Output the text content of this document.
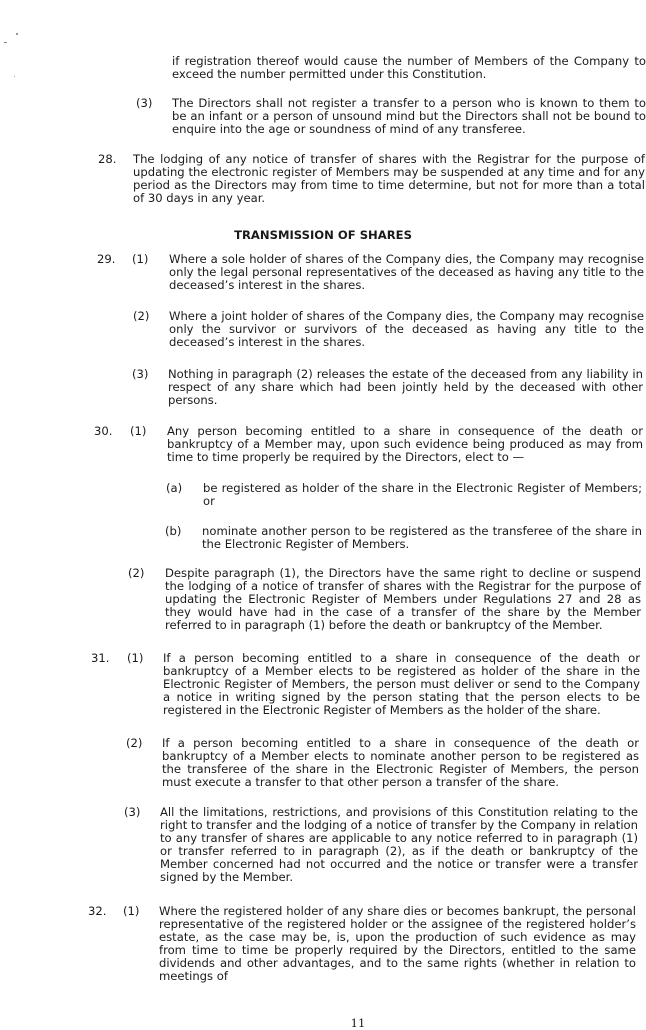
if registration thereof would cause the number of Members of the Company to exceed the number permitted under this Constitution.
(3) The Directors shall not register a transfer to a person who is known to them to be an infant or a person of unsound mind but the Directors shall not be bound to enquire into the age or soundness of mind of any transferee.
28. The lodging of any notice of transfer of shares with the Registrar for the purpose of updating the electronic register of Members may be suspended at any time and for any period as the Directors may from time to time determine, but not for more than a total of 30 days in any year.
TRANSMISSION OF SHARES
29. (1) Where a sole holder of shares of the Company dies, the Company may recognise only the legal personal representatives of the deceased as having any title to the deceased’s interest in the shares.
(2) Where a joint holder of shares of the Company dies, the Company may recognise only the survivor or survivors of the deceased as having any title to the deceased’s interest in the shares.
(3) Nothing in paragraph (2) releases the estate of the deceased from any liability in respect of any share which had been jointly held by the deceased with other persons.
30. (1) Any person becoming entitled to a share in consequence of the death or bankruptcy of a Member may, upon such evidence being produced as may from time to time properly be required by the Directors, elect to —
(a) be registered as holder of the share in the Electronic Register of Members; or
(b) nominate another person to be registered as the transferee of the share in the Electronic Register of Members.
(2) Despite paragraph (1), the Directors have the same right to decline or suspend the lodging of a notice of transfer of shares with the Registrar for the purpose of updating the Electronic Register of Members under Regulations 27 and 28 as they would have had in the case of a transfer of the share by the Member referred to in paragraph (1) before the death or bankruptcy of the Member.
31. (1) If a person becoming entitled to a share in consequence of the death or bankruptcy of a Member elects to be registered as holder of the share in the Electronic Register of Members, the person must deliver or send to the Company a notice in writing signed by the person stating that the person elects to be registered in the Electronic Register of Members as the holder of the share.
(2) If a person becoming entitled to a share in consequence of the death or bankruptcy of a Member elects to nominate another person to be registered as the transferee of the share in the Electronic Register of Members, the person must execute a transfer to that other person a transfer of the share.
(3) All the limitations, restrictions, and provisions of this Constitution relating to the right to transfer and the lodging of a notice of transfer by the Company in relation to any transfer of shares are applicable to any notice referred to in paragraph (1) or transfer referred to in paragraph (2), as if the death or bankruptcy of the Member concerned had not occurred and the notice or transfer were a transfer signed by the Member.
32. (1) Where the registered holder of any share dies or becomes bankrupt, the personal representative of the registered holder or the assignee of the registered holder’s estate, as the case may be, is, upon the production of such evidence as may from time to time be properly required by the Directors, entitled to the same dividends and other advantages, and to the same rights (whether in relation to meetings of
11
